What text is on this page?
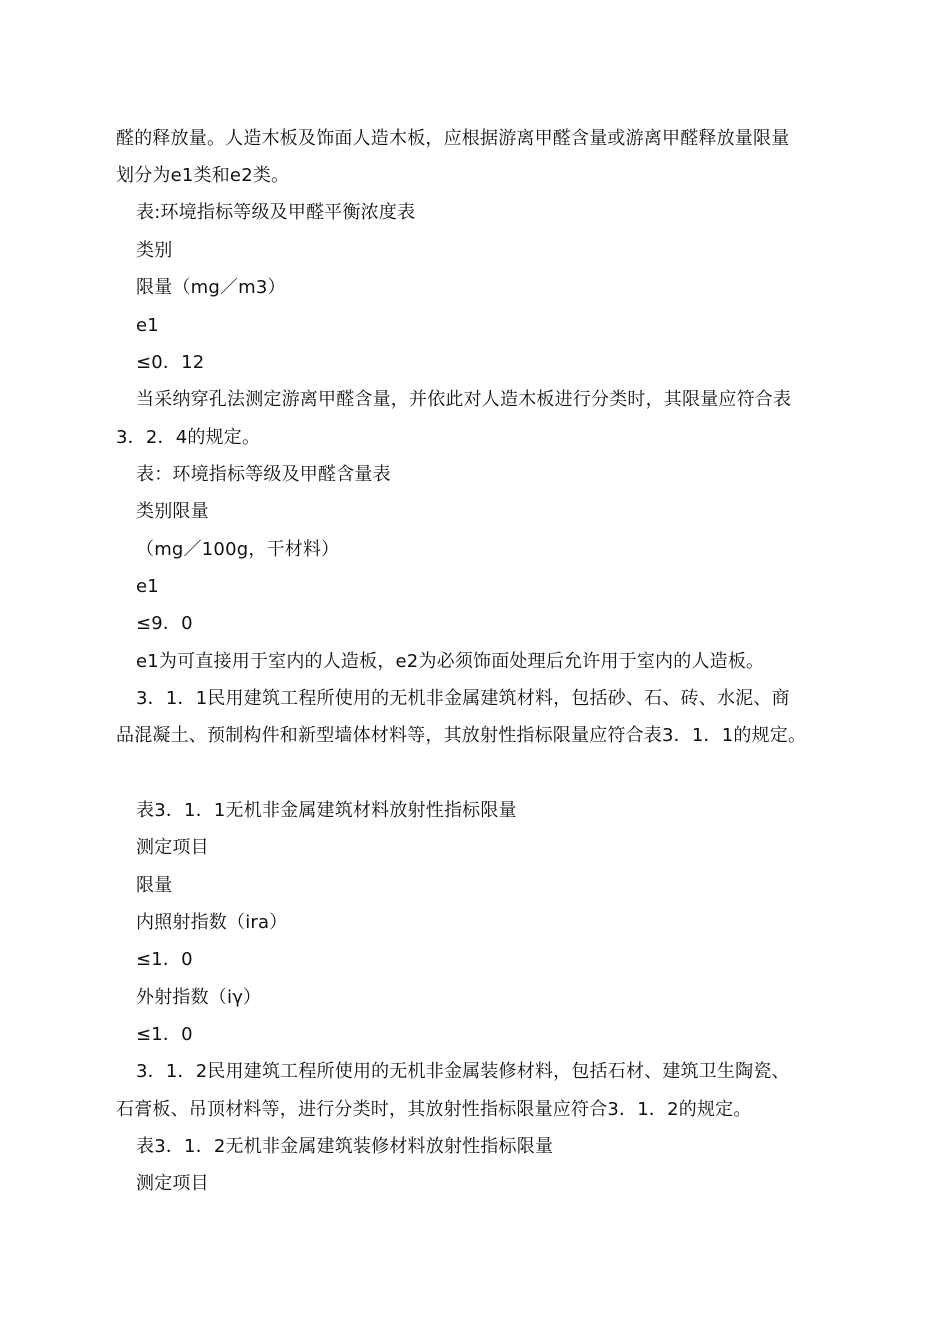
醛的释放量。人造木板及饰面人造木板，应根据游离甲醛含量或游离甲醛释放量限量
划分为e1类和e2类。
表:环境指标等级及甲醛平衡浓度表
类别
限量（mg／m3）
e1
≤0．12
当采纳穿孔法测定游离甲醛含量，并依此对人造木板进行分类时，其限量应符合表
3．2．4的规定。
表：环境指标等级及甲醛含量表
类别限量
（mg／100g，干材料）
e1
≤9．0
e1为可直接用于室内的人造板，e2为必须饰面处理后允许用于室内的人造板。
3．1．1民用建筑工程所使用的无机非金属建筑材料，包括砂、石、砖、水泥、商
品混凝土、预制构件和新型墙体材料等，其放射性指标限量应符合表3．1．1的规定。
表3．1．1无机非金属建筑材料放射性指标限量
测定项目
限量
内照射指数（ira）
≤1．0
外射指数（iγ）
≤1．0
3．1．2民用建筑工程所使用的无机非金属装修材料，包括石材、建筑卫生陶瓷、
石膏板、吊顶材料等，进行分类时，其放射性指标限量应符合3．1．2的规定。
表3．1．2无机非金属建筑装修材料放射性指标限量
测定项目
